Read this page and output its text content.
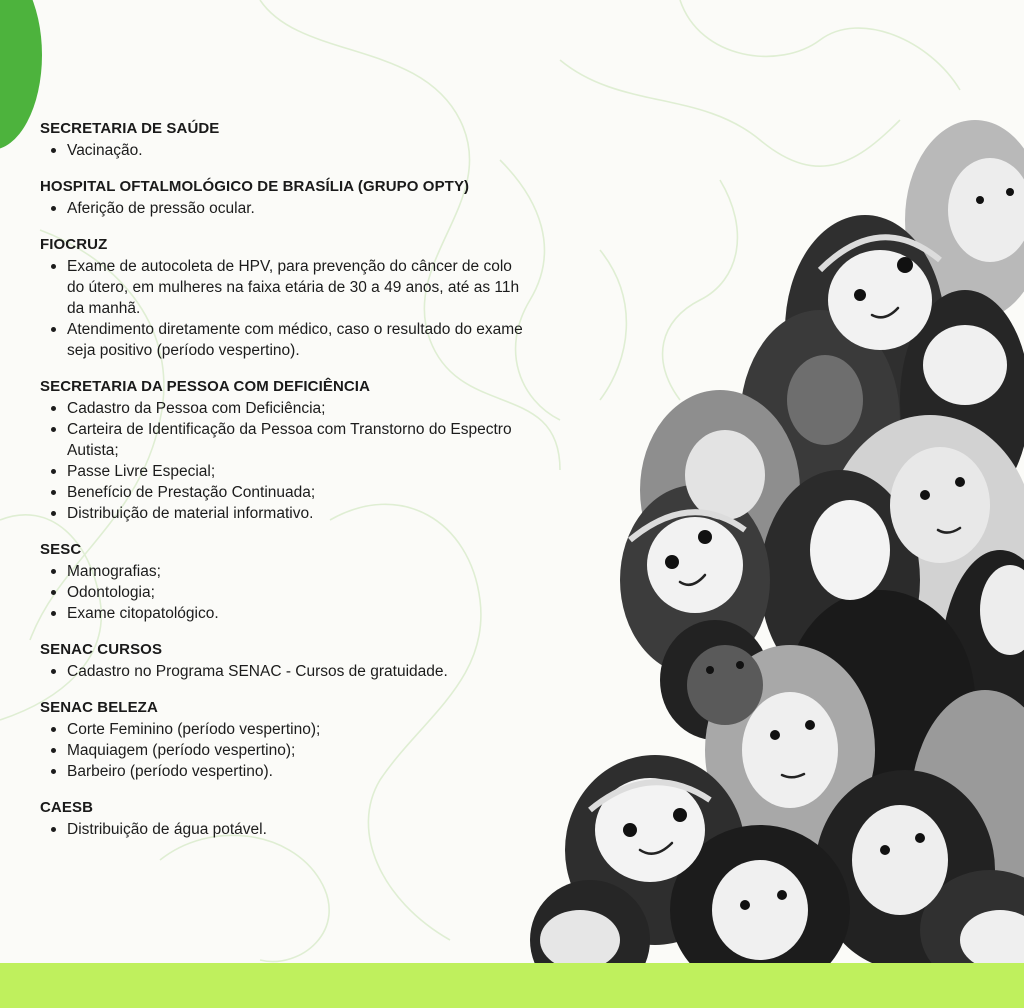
SECRETARIA DE SAÚDE
Vacinação.
HOSPITAL OFTALMOLÓGICO DE BRASÍLIA (GRUPO OPTY)
Aferição de pressão ocular.
FIOCRUZ
Exame de autocoleta de HPV, para prevenção do câncer de colo do útero, em mulheres na faixa etária de 30 a 49 anos, até as 11h da manhã.
Atendimento diretamente com médico, caso o resultado do exame seja positivo (período vespertino).
SECRETARIA DA PESSOA COM DEFICIÊNCIA
Cadastro da Pessoa com Deficiência;
Carteira de Identificação da Pessoa com Transtorno do Espectro Autista;
Passe Livre Especial;
Benefício de Prestação Continuada;
Distribuição de material informativo.
SESC
Mamografias;
Odontologia;
Exame citopatológico.
SENAC CURSOS
Cadastro no Programa SENAC - Cursos de gratuidade.
SENAC BELEZA
Corte Feminino (período vespertino);
Maquiagem (período vespertino);
Barbeiro (período vespertino).
CAESB
Distribuição de água potável.
